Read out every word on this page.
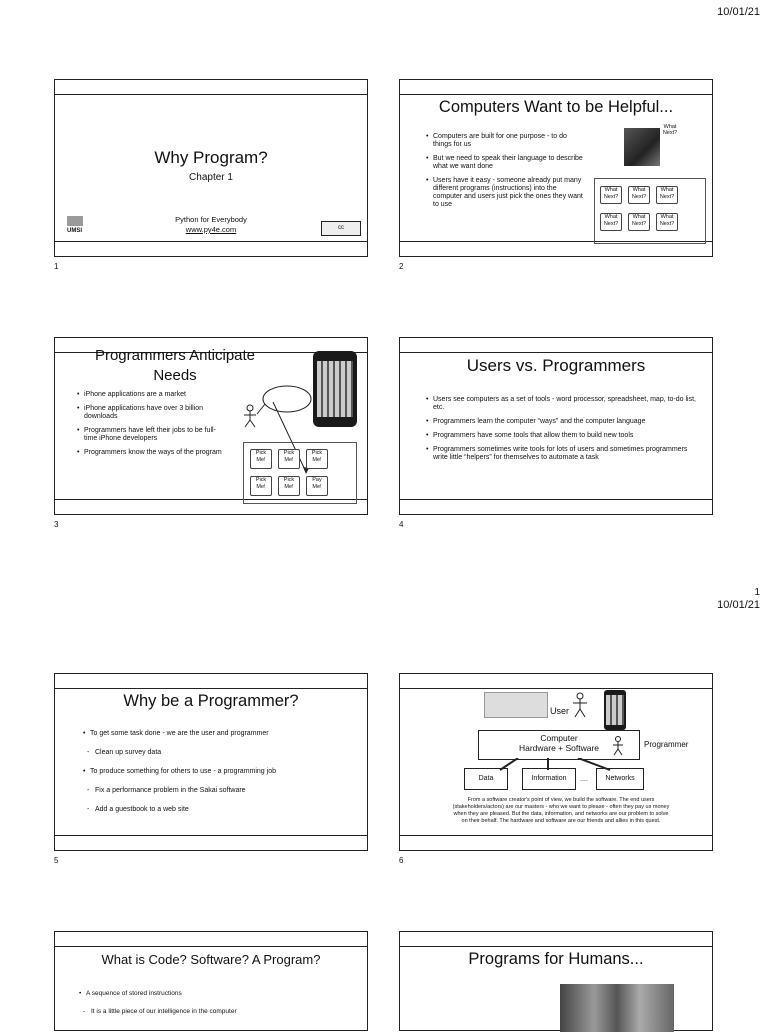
10/01/21
1
10/01/21
Why Program?
Chapter 1
Python for Everybody
www.py4e.com
UMSI	cc
1
Computers Want to be Helpful...
• Computers are built for one purpose - to do things for us
• But we need to speak their language to describe what we want done
• Users have it easy - someone already put many different programs (instructions) into the computer and users just pick the ones they want to use
What Next?
What Next?
What Next?
What Next?
What Next?
What Next?
What Next?
2
Programmers Anticipate Needs
• iPhone applications are a market
• iPhone applications have over 3 billion downloads
• Programmers have left their jobs to be full-time iPhone developers
• Programmers know the ways of the program	Pick Me!
Pick Me!
Pick Me!
Pick Me!
Pick Me!
Pay Me!
3
Users vs. Programmers
• Users see computers as a set of tools - word processor, spreadsheet, map, to-do list, etc.
• Programmers learn the computer “ways” and the computer language
• Programmers have some tools that allow them to build new tools
• Programmers sometimes write tools for lots of users and sometimes programmers write little “helpers” for themselves to automate a task
4
Why be a Programmer?
• To get some task done - we are the user and programmer
- Clean up survey data
• To produce something for others to use - a programming job
- Fix a performance problem in the Sakai software
- Add a guestbook to a web site
5
User
Computer
Hardware + Software	Programmer
Data	Information	....	Networks
From a software creator's point of view, we build the software. The end users (stakeholders/actors) are our masters - who we want to please - often they pay us money when they are pleased. But the data, information, and networks are our problem to solve on their behalf. The hardware and software are our friends and allies in this quest.
6
What is Code? Software? A Program?
• A sequence of stored instructions
- It is a little piece of our intelligence in the computer
Programs for Humans...
